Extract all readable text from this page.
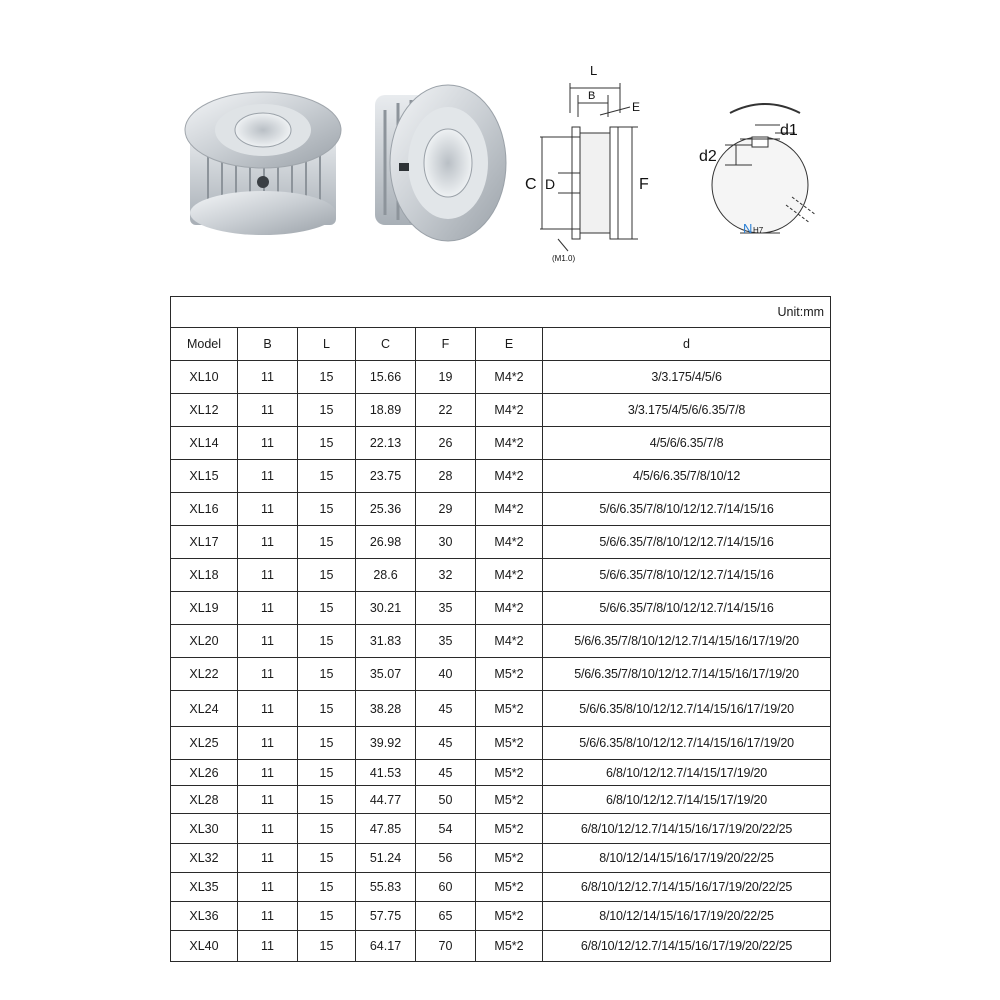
L
B
E
C D	F
(M1.0)
d1
d2
N H7
Unit:mm						
Model	B	L	C	F	E	d
XL10	11	15	15.66	19	M4*2	3/3.175/4/5/6
XL12	11	15	18.89	22	M4*2	3/3.175/4/5/6/6.35/7/8
XL14	11	15	22.13	26	M4*2	4/5/6/6.35/7/8
XL15	11	15	23.75	28	M4*2	4/5/6/6.35/7/8/10/12
XL16	11	15	25.36	29	M4*2	5/6/6.35/7/8/10/12/12.7/14/15/16
XL17	11	15	26.98	30	M4*2	5/6/6.35/7/8/10/12/12.7/14/15/16
XL18	11	15	28.6	32	M4*2	5/6/6.35/7/8/10/12/12.7/14/15/16
XL19	11	15	30.21	35	M4*2	5/6/6.35/7/8/10/12/12.7/14/15/16
XL20	11	15	31.83	35	M4*2	5/6/6.35/7/8/10/12/12.7/14/15/16/17/19/20
XL22	11	15	35.07	40	M5*2	5/6/6.35/7/8/10/12/12.7/14/15/16/17/19/20
XL24	11	15	38.28	45	M5*2	5/6/6.35/8/10/12/12.7/14/15/16/17/19/20
XL25	11	15	39.92	45	M5*2	5/6/6.35/8/10/12/12.7/14/15/16/17/19/20
XL26	11	15	41.53	45	M5*2	6/8/10/12/12.7/14/15/17/19/20
XL28	11	15	44.77	50	M5*2	6/8/10/12/12.7/14/15/17/19/20
XL30	11	15	47.85	54	M5*2	6/8/10/12/12.7/14/15/16/17/19/20/22/25
XL32	11	15	51.24	56	M5*2	8/10/12/14/15/16/17/19/20/22/25
XL35	11	15	55.83	60	M5*2	6/8/10/12/12.7/14/15/16/17/19/20/22/25
XL36	11	15	57.75	65	M5*2	8/10/12/14/15/16/17/19/20/22/25
XL40	11	15	64.17	70	M5*2	6/8/10/12/12.7/14/15/16/17/19/20/22/25
